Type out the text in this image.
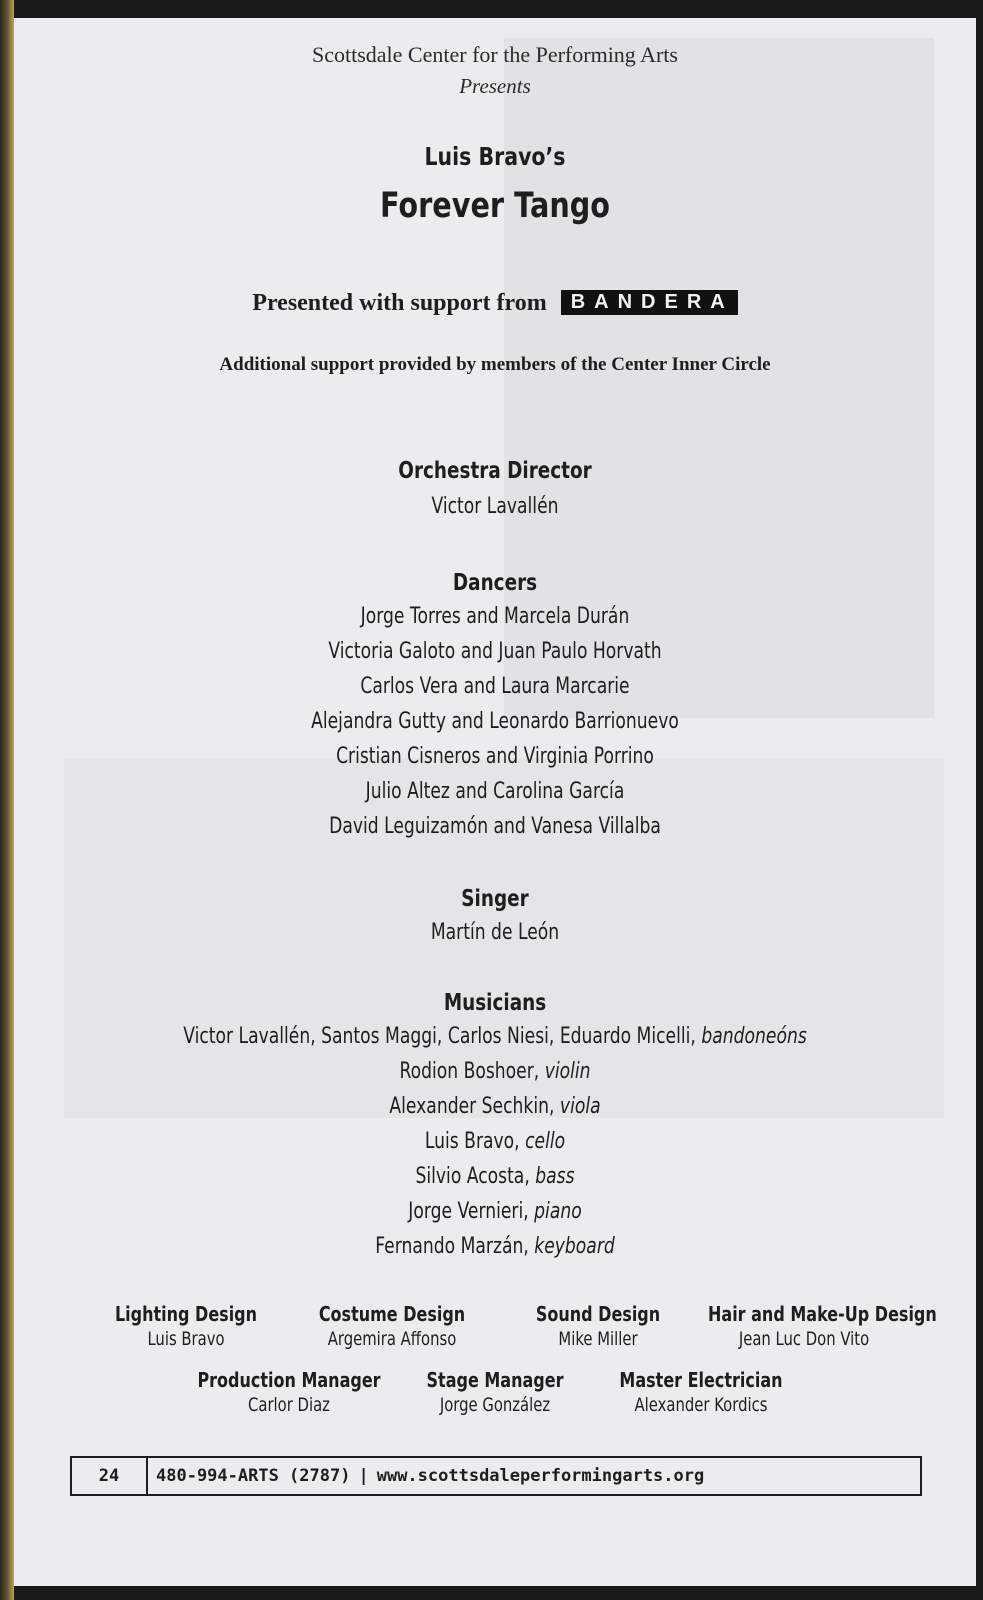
Scottsdale Center for the Performing Arts
Presents
Luis Bravo’s
Forever Tango
Presented with support from BANDERA
Additional support provided by members of the Center Inner Circle
Orchestra Director
Victor Lavallén
Dancers
Jorge Torres and Marcela Durán
Victoria Galoto and Juan Paulo Horvath
Carlos Vera and Laura Marcarie
Alejandra Gutty and Leonardo Barrionuevo
Cristian Cisneros and Virginia Porrino
Julio Altez and Carolina García
David Leguizamón and Vanesa Villalba
Singer
Martín de León
Musicians
Victor Lavallén, Santos Maggi, Carlos Niesi, Eduardo Micelli, bandoneóns
Rodion Boshoer, violin
Alexander Sechkin, viola
Luis Bravo, cello
Silvio Acosta, bass
Jorge Vernieri, piano
Fernando Marzán, keyboard
Lighting Design
Luis Bravo
Costume Design
Argemira Affonso
Sound Design
Mike Miller
Hair and Make-Up Design
Jean Luc Don Vito
Production Manager
Carlor Diaz
Stage Manager
Jorge González
Master Electrician
Alexander Kordics
24	480-994-ARTS (2787) | www.scottsdaleperformingarts.org
